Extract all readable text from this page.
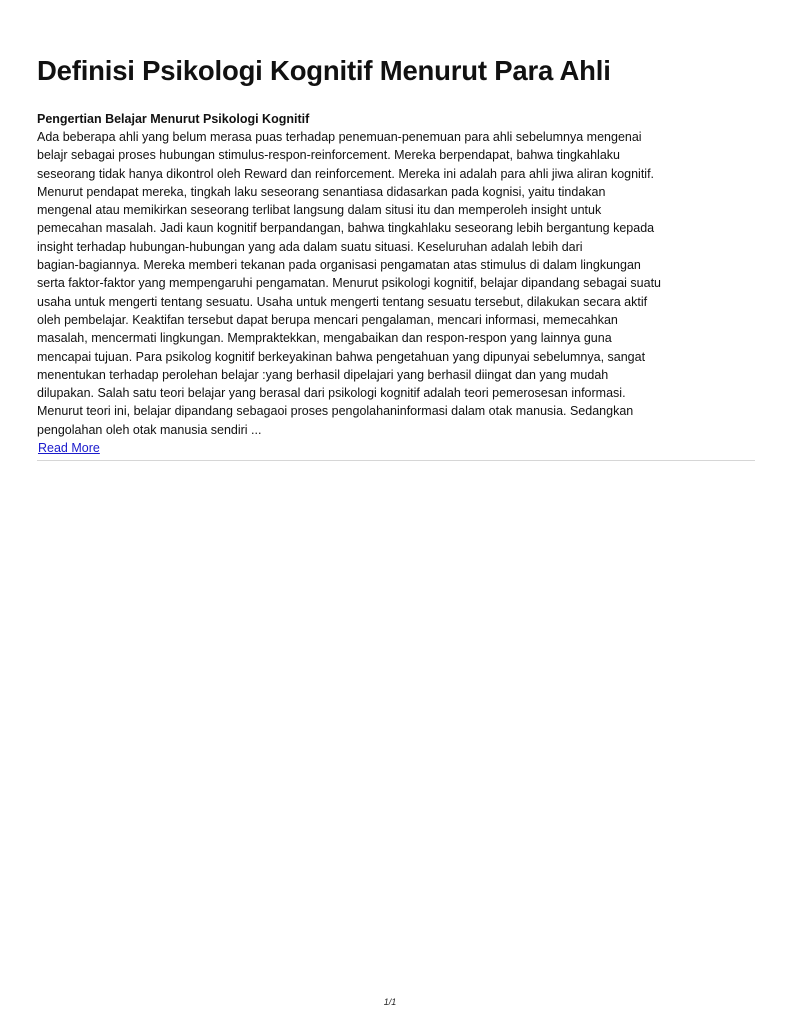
Definisi Psikologi Kognitif Menurut Para Ahli
Pengertian Belajar Menurut Psikologi Kognitif

Ada beberapa ahli yang belum merasa puas terhadap penemuan-penemuan para ahli sebelumnya mengenai
belajr sebagai proses hubungan stimulus-respon-reinforcement. Mereka berpendapat, bahwa tingkahlaku
seseorang tidak hanya dikontrol oleh Reward dan reinforcement. Mereka ini adalah para ahli jiwa aliran kognitif.
Menurut pendapat mereka, tingkah laku seseorang senantiasa didasarkan pada kognisi, yaitu tindakan
mengenal atau memikirkan seseorang terlibat langsung dalam situsi itu dan memperoleh insight untuk
pemecahan masalah. Jadi kaun kognitif berpandangan, bahwa tingkahlaku seseorang lebih bergantung kepada
insight terhadap hubungan-hubungan yang ada dalam suatu situasi. Keseluruhan adalah lebih dari
bagian-bagiannya. Mereka memberi tekanan pada organisasi pengamatan atas stimulus di dalam lingkungan
serta faktor-faktor yang mempengaruhi pengamatan. Menurut psikologi kognitif, belajar dipandang sebagai suatu
usaha untuk mengerti tentang sesuatu. Usaha untuk mengerti tentang sesuatu tersebut, dilakukan secara aktif
oleh pembelajar. Keaktifan tersebut dapat berupa mencari pengalaman, mencari informasi, memecahkan
masalah, mencermati lingkungan. Mempraktekkan, mengabaikan dan respon-respon yang lainnya guna
mencapai tujuan. Para psikolog kognitif berkeyakinan bahwa pengetahuan yang dipunyai sebelumnya, sangat
menentukan terhadap perolehan belajar :yang berhasil dipelajari yang berhasil diingat dan yang mudah
dilupakan. Salah satu teori belajar yang berasal dari psikologi kognitif adalah teori pemerosesan informasi.
Menurut teori ini, belajar dipandang sebagaoi proses pengolahaninformasi dalam otak manusia. Sedangkan
pengolahan oleh otak manusia sendiri ...

Read More
1/1
